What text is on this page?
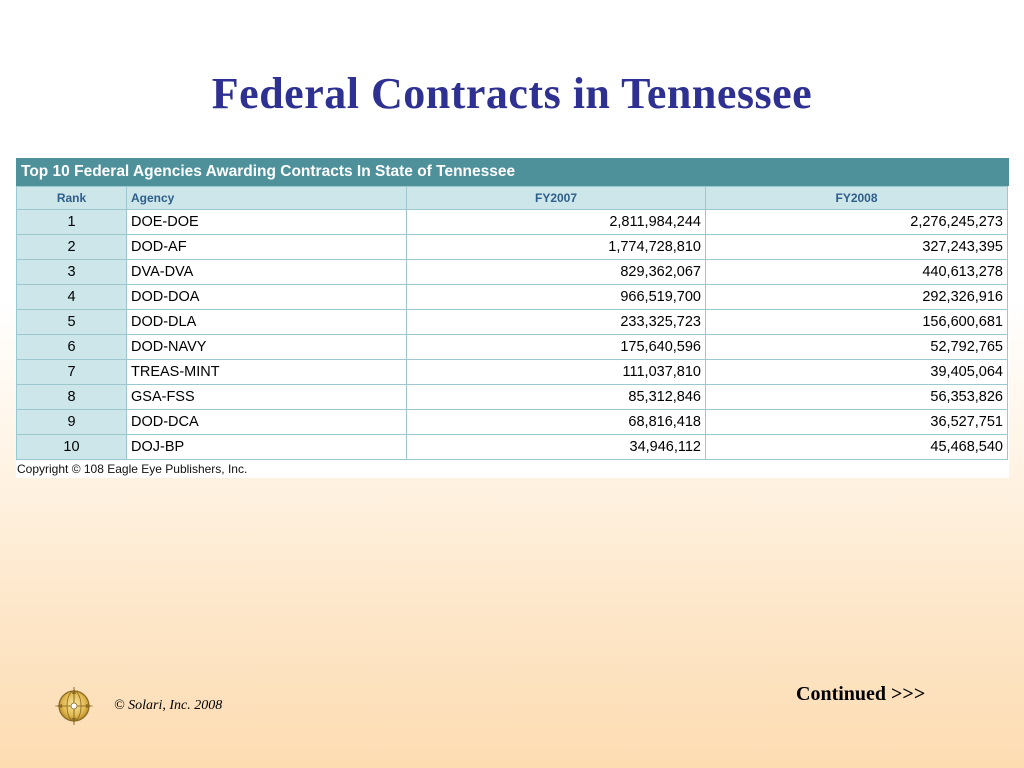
Federal Contracts in Tennessee
Top 10 Federal Agencies Awarding Contracts In State of Tennessee
Rank	Agency	FY2007	FY2008
1	DOE-DOE	2,811,984,244	2,276,245,273
2	DOD-AF	1,774,728,810	327,243,395
3	DVA-DVA	829,362,067	440,613,278
4	DOD-DOA	966,519,700	292,326,916
5	DOD-DLA	233,325,723	156,600,681
6	DOD-NAVY	175,640,596	52,792,765
7	TREAS-MINT	111,037,810	39,405,064
8	GSA-FSS	85,312,846	56,353,826
9	DOD-DCA	68,816,418	36,527,751
10	DOJ-BP	34,946,112	45,468,540
Copyright © 108 Eagle Eye Publishers, Inc.
Continued >>>
© Solari, Inc. 2008
